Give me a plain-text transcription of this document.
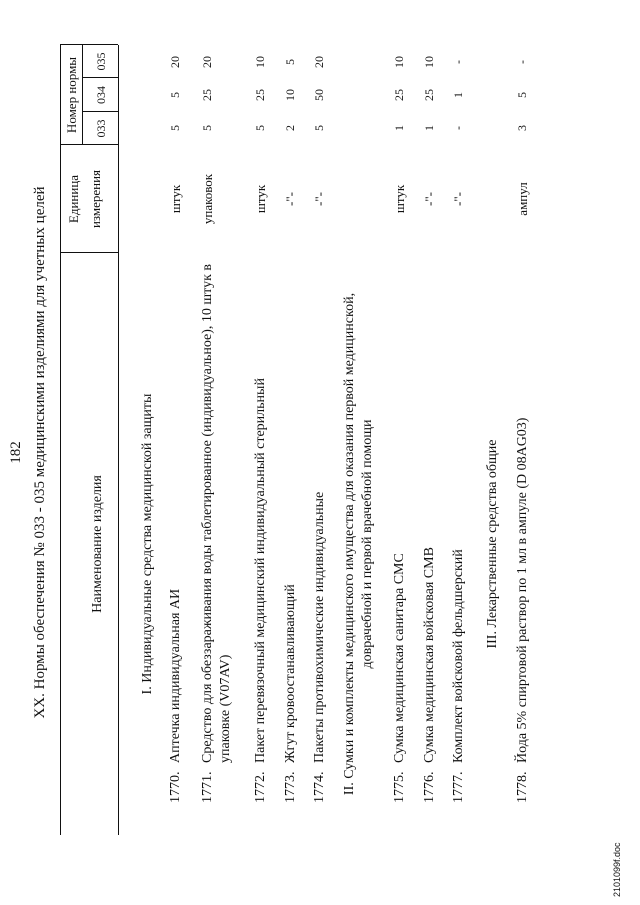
182 XX. Нормы обеспечения № 033 - 035 медицинскими изделиями для учетных целей	Наименование изделия
Единица измерения
Номер нормы 033
034
035
I. Индивидуальные средства медицинской защиты
1770.
Аптечка индивидуальная АИ
штук
5
5
20
1771.
Средство для обеззараживания воды таблетированное (индивидуальное), 10 штук в упаковке (V07AV)
упаковок
5
25
20
1772.
Пакет перевязочный медицинский индивидуальный стерильный
штук
5
25
10
1773.
Жгут кровоостанавливающий
-"-
2
10
5
1774.
Пакеты противохимические индивидуальные
-"-
5
50
20
II. Сумки и комплекты медицинского имущества для оказания первой медицинской, доврачебной и первой врачебной помощи
1775.
Сумка медицинская санитара СМС
штук
1
25
10
1776.
Сумка медицинская войсковая СМВ
-"-
1
25
10
1777.
Комплект войсковой фельдшерский
-"-
-
1
-
III. Лекарственные средства общие
1778.
Йода 5% спиртовой раствор по 1 мл в ампуле (D 08AG03)
ампул
3
5
-
2101099f.doc
